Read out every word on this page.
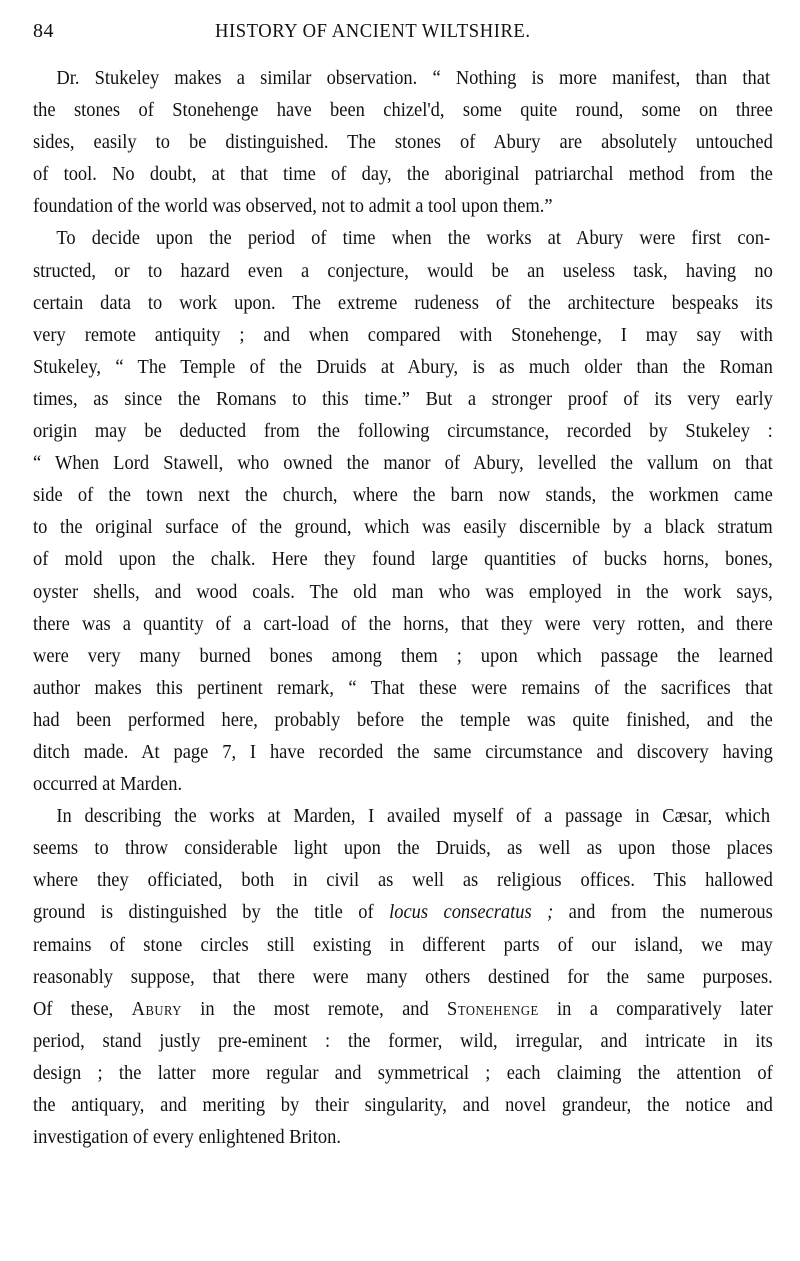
84	HISTORY OF ANCIENT WILTSHIRE.
Dr. Stukeley makes a similar observation. “ Nothing is more manifest, than that
the stones of Stonehenge have been chizel'd, some quite round, some on three
sides, easily to be distinguished. The stones of Abury are absolutely untouched
of tool. No doubt, at that time of day, the aboriginal patriarchal method from the
foundation of the world was observed, not to admit a tool upon them.”
To decide upon the period of time when the works at Abury were first con-
structed, or to hazard even a conjecture, would be an useless task, having no
certain data to work upon. The extreme rudeness of the architecture bespeaks its
very remote antiquity ; and when compared with Stonehenge, I may say with
Stukeley, “ The Temple of the Druids at Abury, is as much older than the Roman
times, as since the Romans to this time.” But a stronger proof of its very early
origin may be deducted from the following circumstance, recorded by Stukeley :
“ When Lord Stawell, who owned the manor of Abury, levelled the vallum on that
side of the town next the church, where the barn now stands, the workmen came
to the original surface of the ground, which was easily discernible by a black stratum
of mold upon the chalk. Here they found large quantities of bucks horns, bones,
oyster shells, and wood coals. The old man who was employed in the work says,
there was a quantity of a cart-load of the horns, that they were very rotten, and there
were very many burned bones among them ; upon which passage the learned
author makes this pertinent remark, “ That these were remains of the sacrifices that
had been performed here, probably before the temple was quite finished, and the
ditch made. At page 7, I have recorded the same circumstance and discovery having
occurred at Marden.
In describing the works at Marden, I availed myself of a passage in Cæsar, which
seems to throw considerable light upon the Druids, as well as upon those places
where they officiated, both in civil as well as religious offices. This hallowed
ground is distinguished by the title of locus consecratus ; and from the numerous
remains of stone circles still existing in different parts of our island, we may
reasonably suppose, that there were many others destined for the same purposes.
Of these, Abury in the most remote, and Stonehenge in a comparatively later
period, stand justly pre-eminent : the former, wild, irregular, and intricate in its
design ; the latter more regular and symmetrical ; each claiming the attention of
the antiquary, and meriting by their singularity, and novel grandeur, the notice and
investigation of every enlightened Briton.
